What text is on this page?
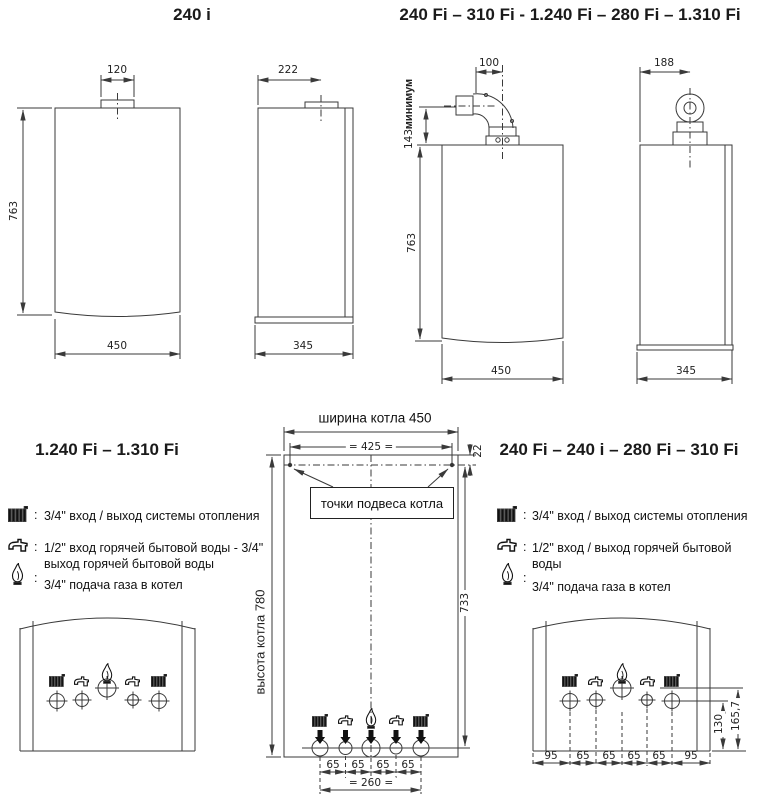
240 i	240 Fi – 310 Fi - 1.240 Fi – 280 Fi – 1.310 Fi
1.240 Fi – 1.310 Fi	240 Fi – 240 i – 280 Fi – 310 Fi
120
763
450
222
345
100
минимум
143
763
450
188
345
ширина котла 450
= 425 =	22
точки подвеса котла
высота котла 780	733
65 65 65 65
= 260 =
95 65 65 65 65 95
130 165,7
: 3/4" вход / выход системы отопления
: 1/2" вход горячей бытовой воды - 3/4" выход горячей бытовой воды
: 3/4" подача газа в котел
: 3/4" вход / выход системы отопления
: 1/2" вход / выход горячей бытовой воды
:
3/4" подача газа в котел
